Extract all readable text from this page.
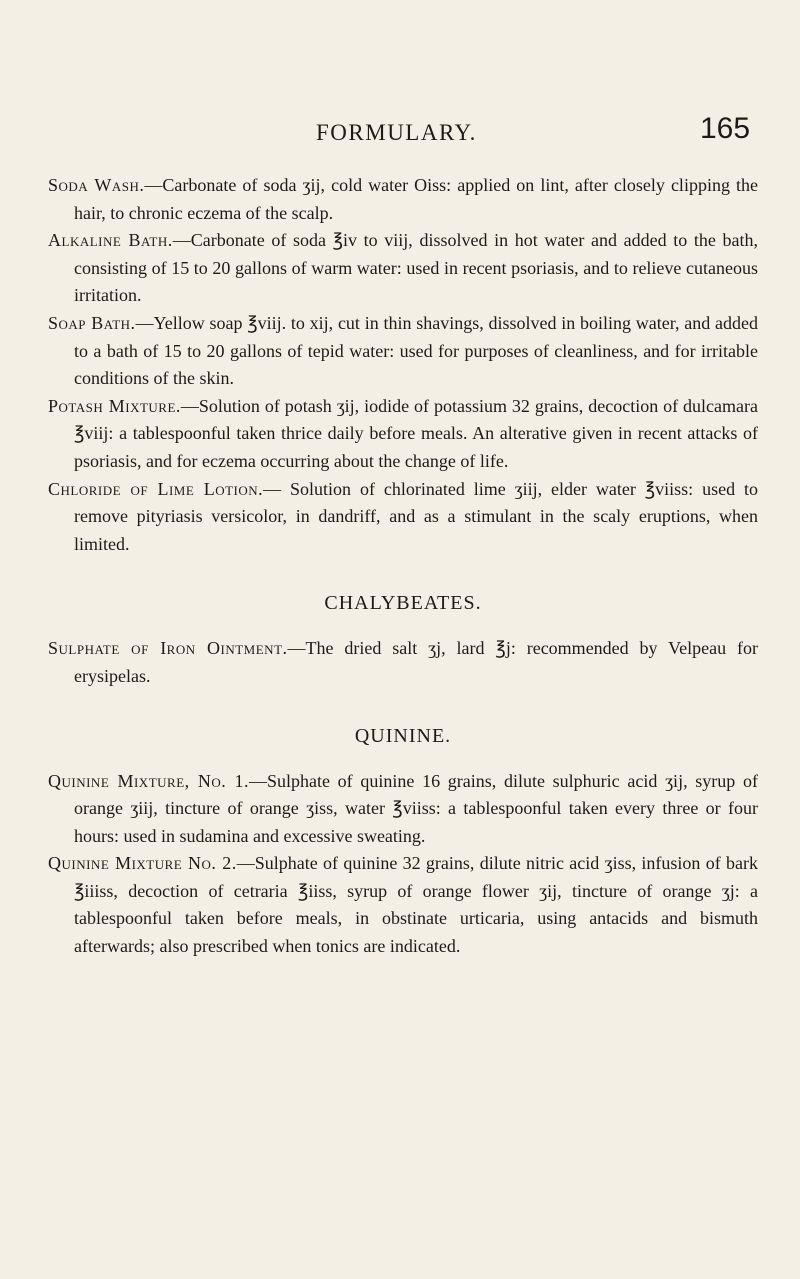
FORMULARY.	165

Soda Wash.—Carbonate of soda ʒij, cold water Oiss: applied on lint, after closely clipping the hair, to chronic eczema of the scalp.

Alkaline Bath.—Carbonate of soda ℥iv to viij, dissolved in hot water and added to the bath, consisting of 15 to 20 gallons of warm water: used in recent psoriasis, and to relieve cutaneous irritation.

Soap Bath.—Yellow soap ℥viij. to xij, cut in thin shavings, dissolved in boiling water, and added to a bath of 15 to 20 gallons of tepid water: used for purposes of cleanliness, and for irritable conditions of the skin.

Potash Mixture.—Solution of potash ʒij, iodide of potassium 32 grains, decoction of dulcamara ℥viij: a tablespoonful taken thrice daily before meals. An alterative given in recent attacks of psoriasis, and for eczema occurring about the change of life.

Chloride of Lime Lotion.— Solution of chlorinated lime ʒiij, elder water ℥viiss: used to remove pityriasis versicolor, in dandriff, and as a stimulant in the scaly eruptions, when limited.

CHALYBEATES.

Sulphate of Iron Ointment.—The dried salt ʒj, lard ℥j: recommended by Velpeau for erysipelas.

QUININE.

Quinine Mixture, No. 1.—Sulphate of quinine 16 grains, dilute sulphuric acid ʒij, syrup of orange ʒiij, tincture of orange ʒiss, water ℥viiss: a tablespoonful taken every three or four hours: used in sudamina and excessive sweating.

Quinine Mixture No. 2.—Sulphate of quinine 32 grains, dilute nitric acid ʒiss, infusion of bark ℥iiiss, decoction of cetraria ℥iiss, syrup of orange flower ʒij, tincture of orange ʒj: a tablespoonful taken before meals, in obstinate urticaria, using antacids and bismuth afterwards; also prescribed when tonics are indicated.
